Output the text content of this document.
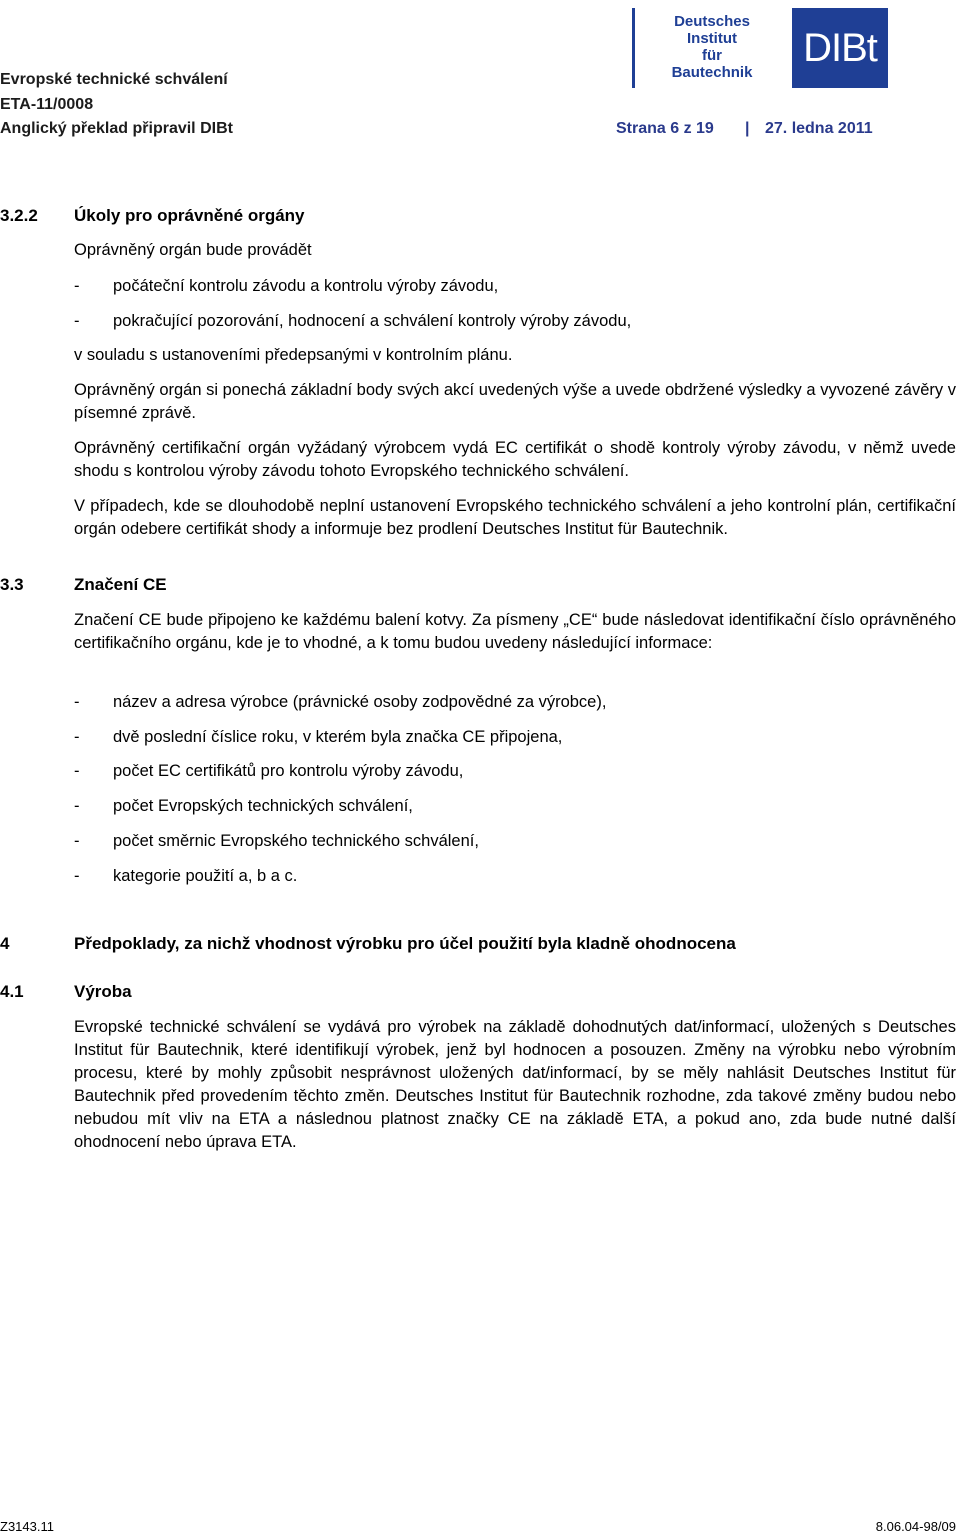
Evropské technické schválení
ETA-11/0008
Anglický překlad připravil DIBt	Strana 6 z 19 | 27. ledna 2011
Deutsches
Institut
für
Bautechnik
DIBt
3.2.2 Úkoly pro oprávněné orgány
Oprávněný orgán bude provádět
- počáteční kontrolu závodu a kontrolu výroby závodu,
- pokračující pozorování, hodnocení a schválení kontroly výroby závodu,
v souladu s ustanoveními předepsanými v kontrolním plánu.
Oprávněný orgán si ponechá základní body svých akcí uvedených výše a uvede obdržené výsledky a vyvozené závěry v písemné zprávě.
Oprávněný certifikační orgán vyžádaný výrobcem vydá EC certifikát o shodě kontroly výroby závodu, v němž uvede shodu s kontrolou výroby závodu tohoto Evropského technického schválení.
V případech, kde se dlouhodobě neplní ustanovení Evropského technického schválení a jeho kontrolní plán, certifikační orgán odebere certifikát shody a informuje bez prodlení Deutsches Institut für Bautechnik.
3.3	Značení CE
Značení CE bude připojeno ke každému balení kotvy. Za písmeny „CE“ bude následovat identifikační číslo oprávněného certifikačního orgánu, kde je to vhodné, a k tomu budou uvedeny následující informace:
- název a adresa výrobce (právnické osoby zodpovědné za výrobce),
- dvě poslední číslice roku, v kterém byla značka CE připojena,
- počet EC certifikátů pro kontrolu výroby závodu,
- počet Evropských technických schválení,
- počet směrnic Evropského technického schválení,
- kategorie použití a, b a c.
4	Předpoklady, za nichž vhodnost výrobku pro účel použití byla kladně ohodnocena
4.1	Výroba
Evropské technické schválení se vydává pro výrobek na základě dohodnutých dat/informací, uložených s Deutsches Institut für Bautechnik, které identifikují výrobek, jenž byl hodnocen a posouzen. Změny na výrobku nebo výrobním procesu, které by mohly způsobit nesprávnost uložených dat/informací, by se měly nahlásit Deutsches Institut für Bautechnik před provedením těchto změn. Deutsches Institut für Bautechnik rozhodne, zda takové změny budou nebo nebudou mít vliv na ETA a následnou platnost značky CE na základě ETA, a pokud ano, zda bude nutné další ohodnocení nebo úprava ETA.
Z3143.11	8.06.04-98/09
